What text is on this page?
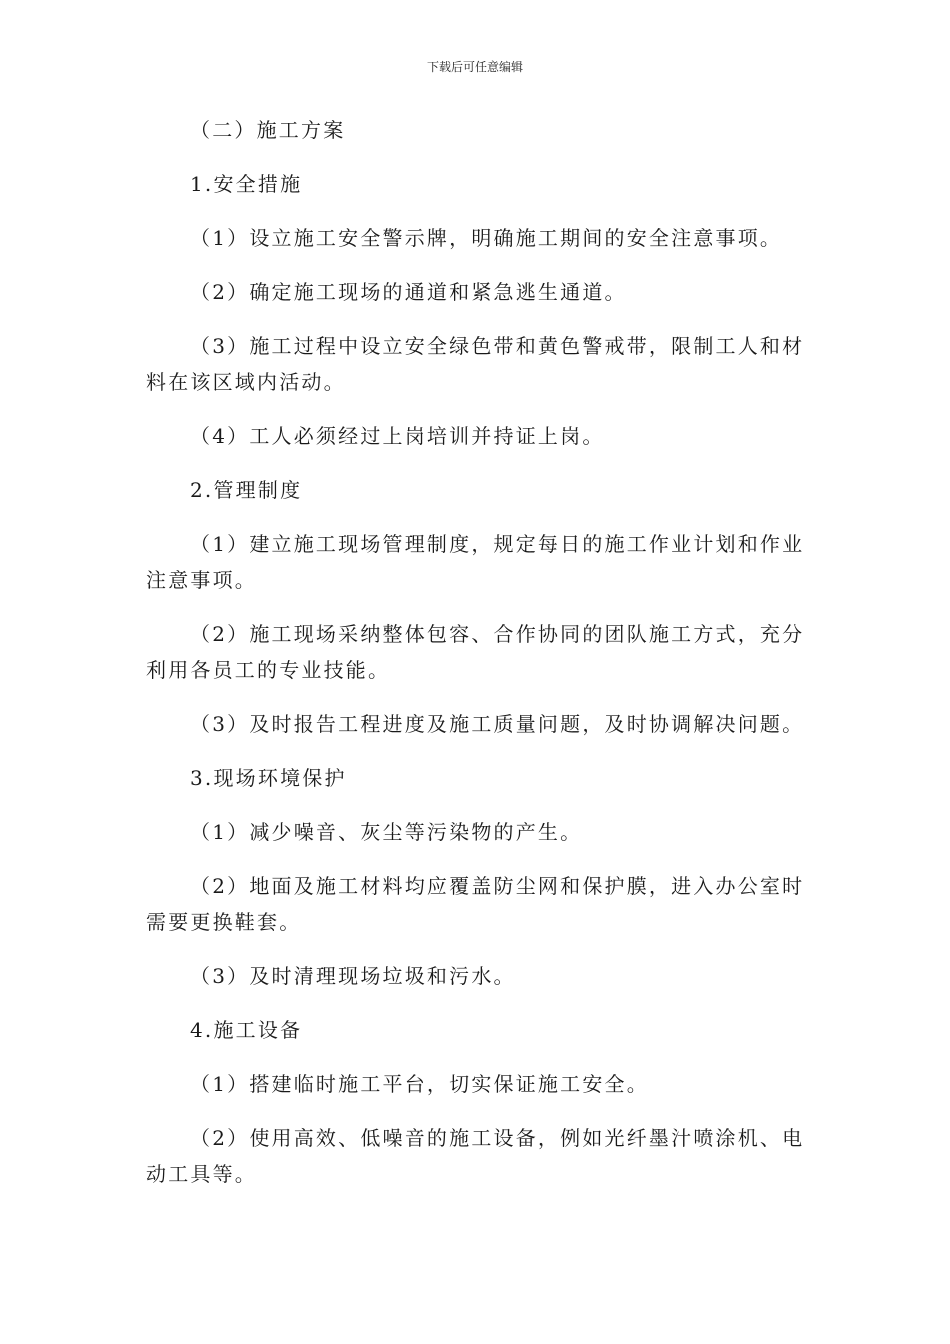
下载后可任意编辑

（二）施工方案

1.安全措施

（1）设立施工安全警示牌，明确施工期间的安全注意事项。

（2）确定施工现场的通道和紧急逃生通道。

（3）施工过程中设立安全绿色带和黄色警戒带，限制工人和材料在该区域内活动。

（4）工人必须经过上岗培训并持证上岗。

2.管理制度

（1）建立施工现场管理制度，规定每日的施工作业计划和作业注意事项。

（2）施工现场采纳整体包容、合作协同的团队施工方式，充分利用各员工的专业技能。

（3）及时报告工程进度及施工质量问题，及时协调解决问题。

3.现场环境保护

（1）减少噪音、灰尘等污染物的产生。

（2）地面及施工材料均应覆盖防尘网和保护膜，进入办公室时需要更换鞋套。

（3）及时清理现场垃圾和污水。

4.施工设备

（1）搭建临时施工平台，切实保证施工安全。

（2）使用高效、低噪音的施工设备，例如光纤墨汁喷涂机、电动工具等。
